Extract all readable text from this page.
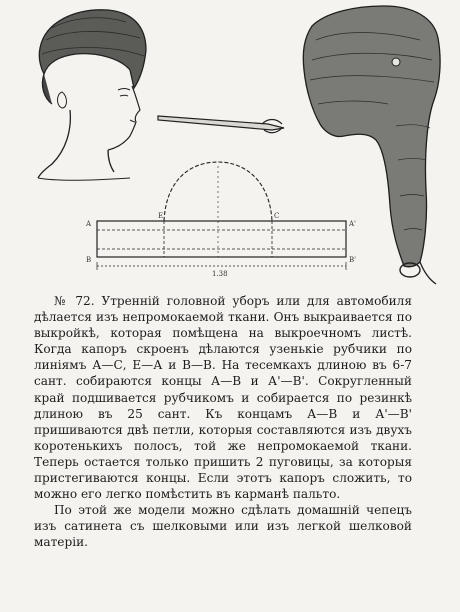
A
B
E	C
A'
B'
1.38

№ 72. Утренній головной уборъ или для автомобиля дѣлается изъ непромокаемой ткани. Онъ выкраивается по выкройкѣ, которая помѣщена на выкроечномъ листѣ. Когда капоръ скроенъ дѣлаются узенькіе рубчики по линіямъ А—С, Е—А и В—В. На тесемкахъ длиною въ 6-7 сант. собираются концы А—В и А'—В'. Сокругленный край подшивается рубчикомъ и собирается по резинкѣ длиною въ 25 сант. Къ концамъ А—В и А'—В' пришиваются двѣ петли, которыя составляются изъ двухъ коротенькихъ полосъ, той же непромокаемой ткани. Теперь остается только пришить 2 пуговицы, за которыя пристегиваются концы. Если этотъ капоръ сложить, то можно его легко помѣстить въ карманѣ пальто.

По этой же модели можно сдѣлать домашній чепецъ изъ сатинета съ шелковыми или изъ легкой шелковой матеріи.
